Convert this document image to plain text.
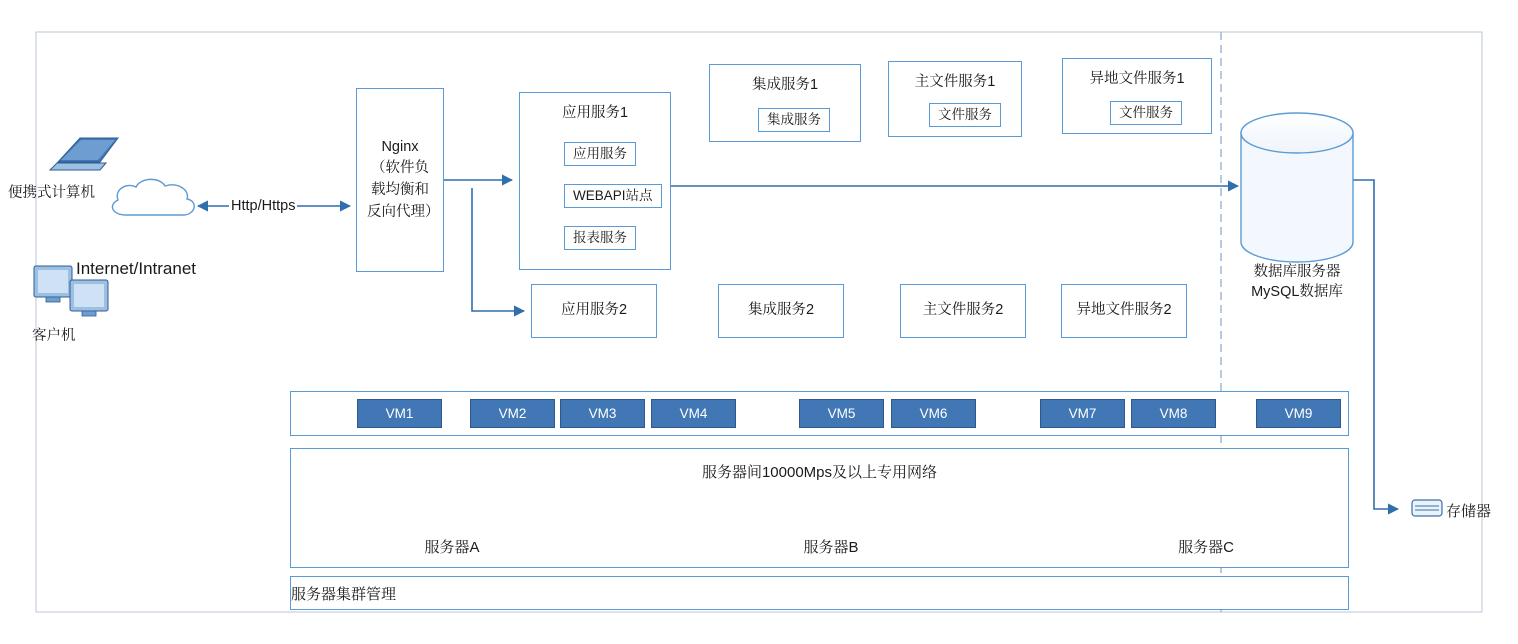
便携式计算机
Internet/Intranet
客户机
Http/Https
Nginx（软件负载均衡和反向代理）
应用服务1
应用服务
WEBAPI站点
报表服务
集成服务1
集成服务
主文件服务1
文件服务
异地文件服务1
文件服务
应用服务2	集成服务2	主文件服务2	异地文件服务2
数据库服务器
MySQL数据库
存储器
VM1	VM2	VM3	VM4	VM5	VM6	VM7	VM8	VM9
服务器间10000Mps及以上专用网络
服务器A	服务器B	服务器C
服务器集群管理
